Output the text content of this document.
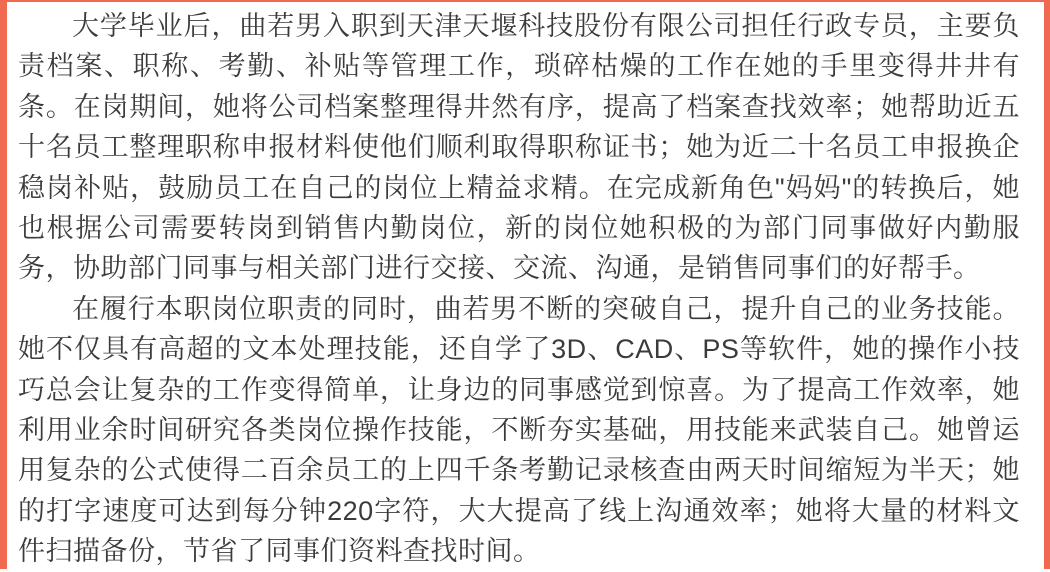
大学毕业后，曲若男入职到天津天堰科技股份有限公司担任行政专员，主要负责档案、职称、考勤、补贴等管理工作，琐碎枯燥的工作在她的手里变得井井有条。在岗期间，她将公司档案整理得井然有序，提高了档案查找效率；她帮助近五十名员工整理职称申报材料使他们顺利取得职称证书；她为近二十名员工申报换企稳岗补贴，鼓励员工在自己的岗位上精益求精。在完成新角色"妈妈"的转换后，她也根据公司需要转岗到销售内勤岗位，新的岗位她积极的为部门同事做好内勤服务，协助部门同事与相关部门进行交接、交流、沟通，是销售同事们的好帮手。

在履行本职岗位职责的同时，曲若男不断的突破自己，提升自己的业务技能。她不仅具有高超的文本处理技能，还自学了3D、CAD、PS等软件，她的操作小技巧总会让复杂的工作变得简单，让身边的同事感觉到惊喜。为了提高工作效率，她利用业余时间研究各类岗位操作技能，不断夯实基础，用技能来武装自己。她曾运用复杂的公式使得二百余员工的上四千条考勤记录核查由两天时间缩短为半天；她的打字速度可达到每分钟220字符，大大提高了线上沟通效率；她将大量的材料文件扫描备份，节省了同事们资料查找时间。
